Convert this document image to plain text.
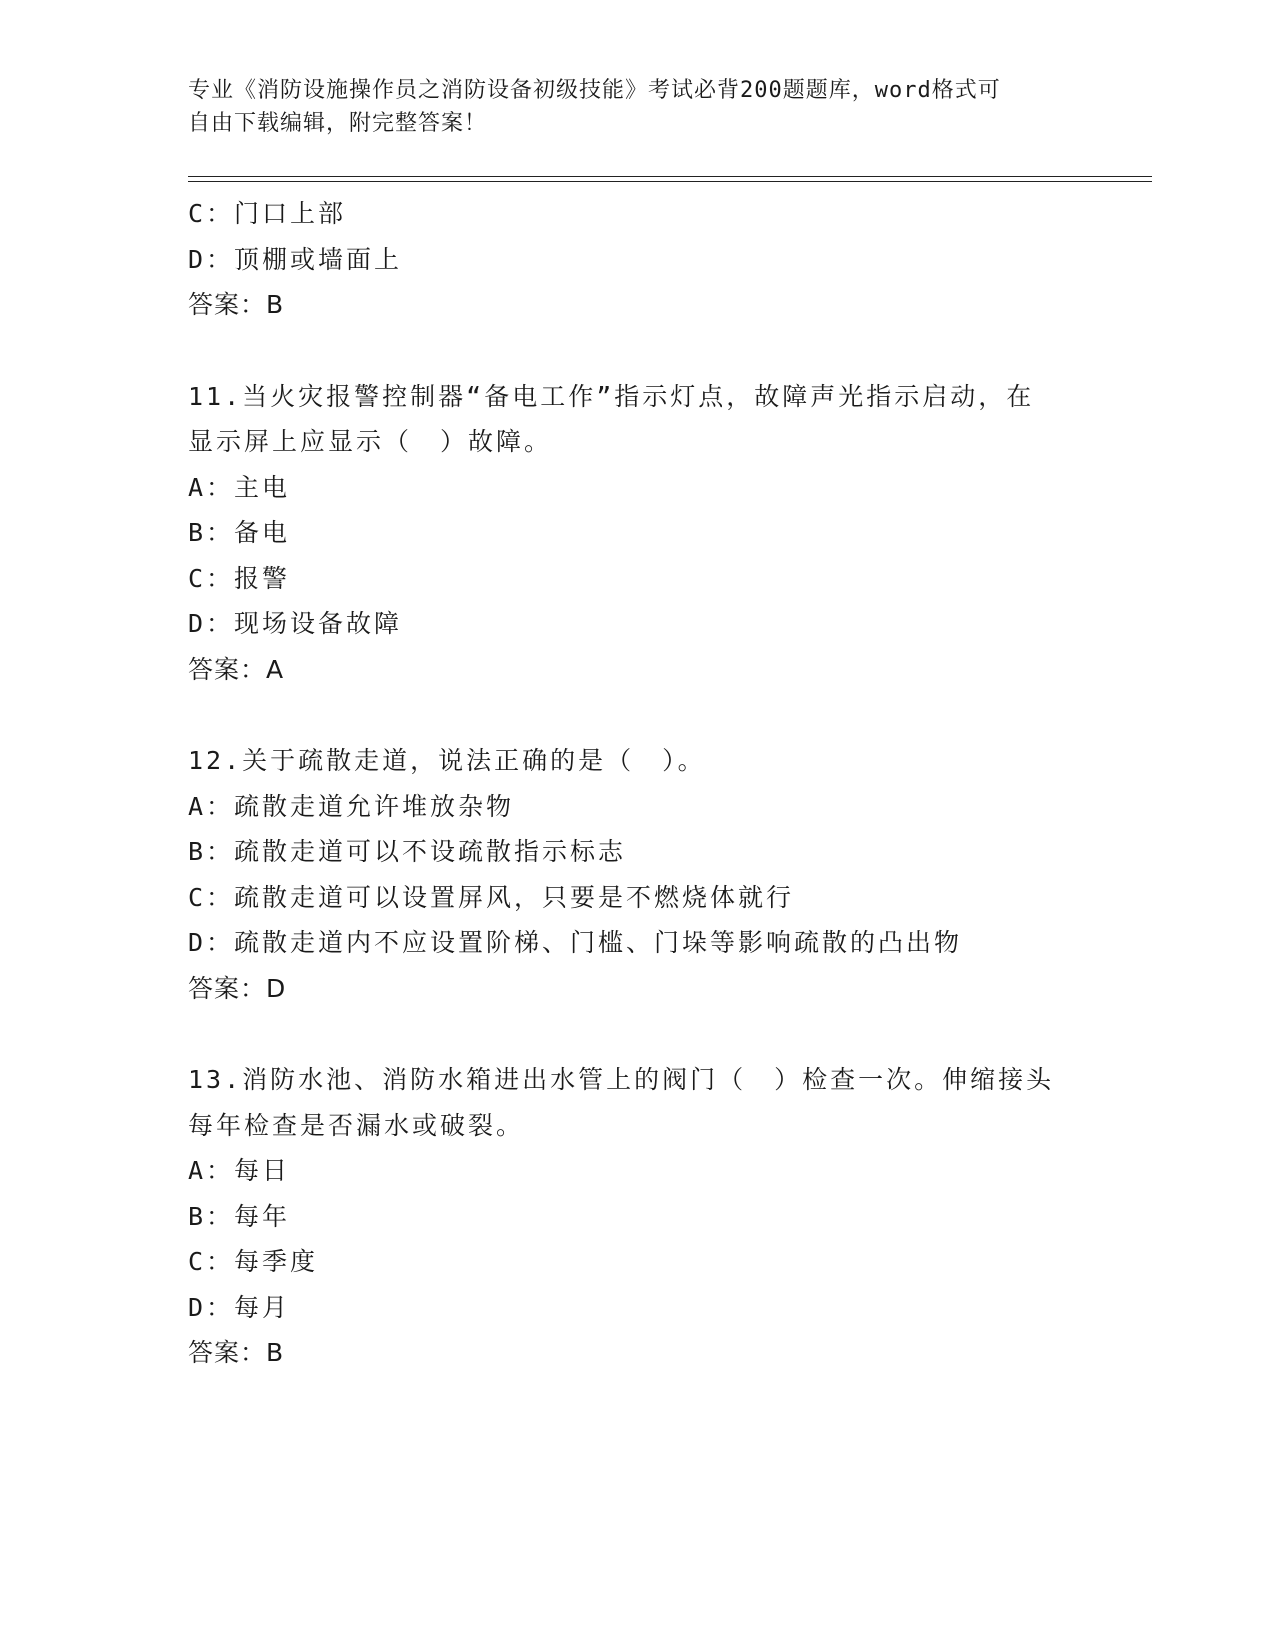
专业《消防设施操作员之消防设备初级技能》考试必背200题题库，word格式可
自由下载编辑，附完整答案！
C：门口上部
D：顶棚或墙面上
答案：B
11.当火灾报警控制器“备电工作”指示灯点，故障声光指示启动，在
显示屏上应显示（　）故障。
A：主电
B：备电
C：报警
D：现场设备故障
答案：A
12.关于疏散走道，说法正确的是（　）。
A：疏散走道允许堆放杂物
B：疏散走道可以不设疏散指示标志
C：疏散走道可以设置屏风，只要是不燃烧体就行
D：疏散走道内不应设置阶梯、门槛、门垛等影响疏散的凸出物
答案：D
13.消防水池、消防水箱进出水管上的阀门（　）检查一次。伸缩接头
每年检查是否漏水或破裂。
A：每日
B：每年
C：每季度
D：每月
答案：B
